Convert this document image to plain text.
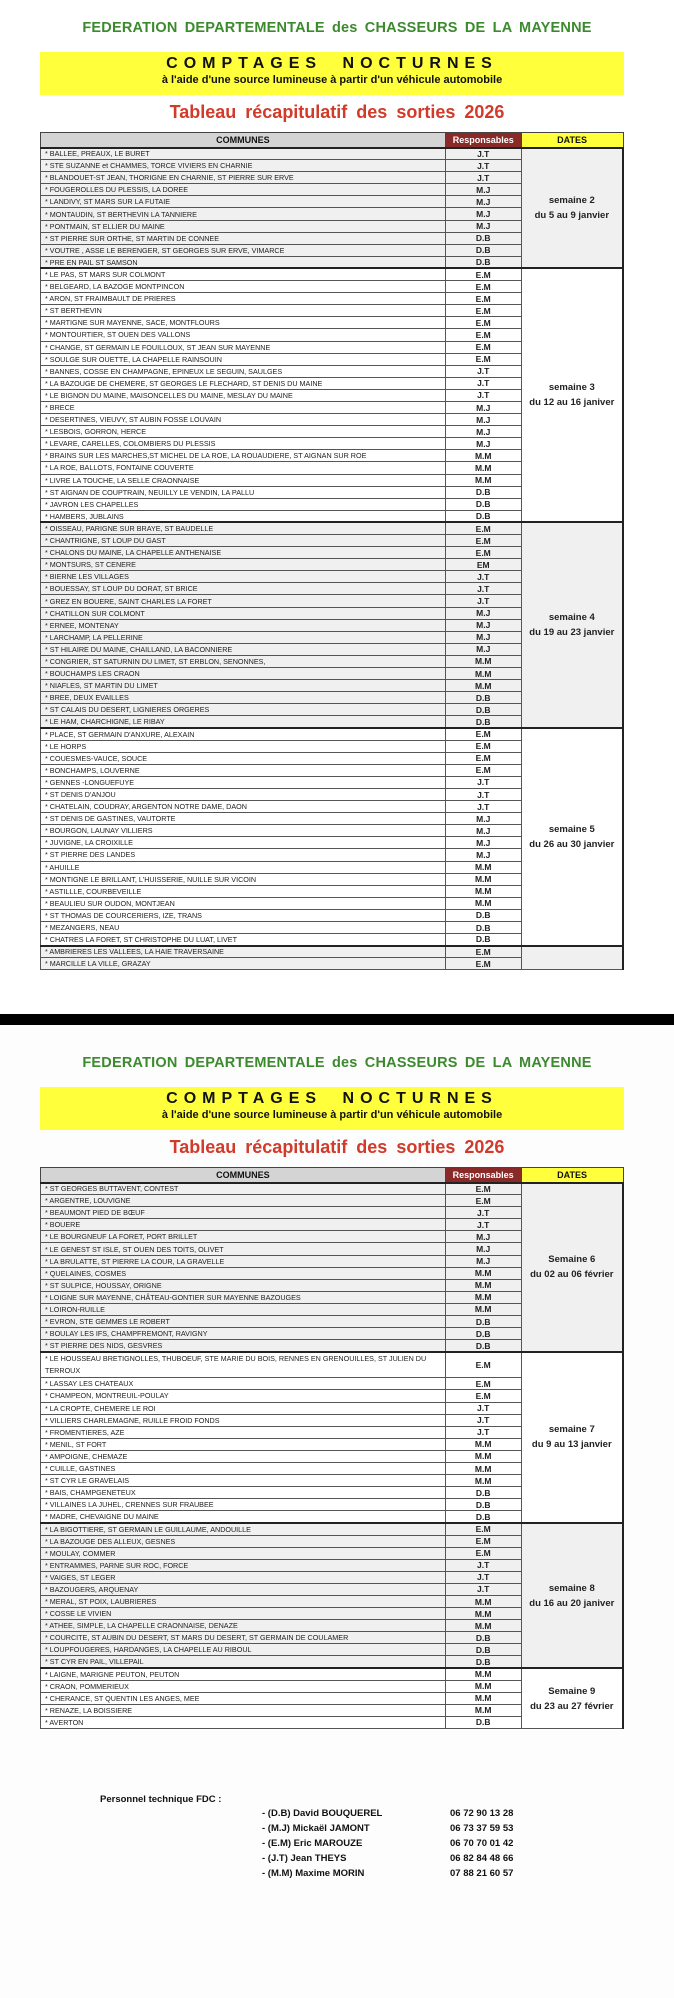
FEDERATION DEPARTEMENTALE des CHASSEURS DE LA MAYENNE
COMPTAGES NOCTURNES
à l'aide d'une source lumineuse à partir d'un véhicule automobile
Tableau récapitulatif des sorties 2026
COMMUNES	Responsables	DATES
* BALLEE, PREAUX, LE BURET	J.T	semaine 2
du 5 au 9 janvier

* STE SUZANNE et CHAMMES, TORCE VIVIERS EN CHARNIE	J.T	
* BLANDOUET-ST JEAN, THORIGNE EN CHARNIE, ST PIERRE SUR ERVE	J.T	
* FOUGEROLLES DU PLESSIS, LA DOREE	M.J	
* LANDIVY, ST MARS SUR LA FUTAIE	M.J	
* MONTAUDIN, ST BERTHEVIN LA TANNIERE	M.J	
* PONTMAIN, ST ELLIER DU MAINE	M.J	
* ST PIERRE SUR ORTHE, ST MARTIN DE CONNEE	D.B	
* VOUTRE , ASSE LE BERENGER, ST GEORGES SUR ERVE, VIMARCE	D.B	
* PRE EN PAIL ST SAMSON	D.B	
* LE PAS, ST MARS SUR COLMONT	E.M	semaine 3
du 12 au 16 janiver

* BELGEARD, LA BAZOGE MONTPINCON	E.M	
* ARON, ST FRAIMBAULT DE PRIERES	E.M	
* ST BERTHEVIN	E.M	
* MARTIGNE SUR MAYENNE, SACE, MONTFLOURS	E.M	
* MONTOURTIER, ST OUEN DES VALLONS	E.M	
* CHANGE, ST GERMAIN LE FOUILLOUX, ST JEAN SUR MAYENNE	E.M	
* SOULGE SUR OUETTE, LA CHAPELLE RAINSOUIN	E.M	
* BANNES, COSSE EN CHAMPAGNE, EPINEUX LE SEGUIN, SAULGES	J.T	
* LA BAZOUGE DE CHEMERE, ST GEORGES LE FLECHARD, ST DENIS DU MAINE	J.T	
* LE BIGNON DU MAINE, MAISONCELLES DU MAINE, MESLAY DU MAINE	J.T	
* BRECE	M.J	
* DESERTINES, VIEUVY, ST AUBIN FOSSE LOUVAIN	M.J	
* LESBOIS, GORRON, HERCE	M.J	
* LEVARE, CARELLES, COLOMBIERS DU PLESSIS	M.J	
* BRAINS SUR LES MARCHES,ST MICHEL DE LA ROE, LA ROUAUDIERE, ST AIGNAN SUR ROE	M.M	
* LA ROE, BALLOTS, FONTAINE COUVERTE	M.M	
* LIVRE LA TOUCHE, LA SELLE CRAONNAISE	M.M	
* ST AIGNAN DE COUPTRAIN, NEUILLY LE VENDIN, LA PALLU	D.B	
* JAVRON LES CHAPELLES	D.B	
* HAMBERS, JUBLAINS	D.B	
* OISSEAU, PARIGNE SUR BRAYE, ST BAUDELLE	E.M	semaine 4
du 19 au 23 janvier

* CHANTRIGNE, ST LOUP DU GAST	E.M	
* CHALONS DU MAINE, LA CHAPELLE ANTHENAISE	E.M	
* MONTSURS, ST CENERE	EM	
* BIERNE LES VILLAGES	J.T	
* BOUESSAY, ST LOUP DU DORAT, ST BRICE	J.T	
* GREZ EN BOUERE, SAINT CHARLES LA FORET	J.T	
* CHATILLON SUR COLMONT	M.J	
* ERNEE, MONTENAY	M.J	
* LARCHAMP, LA PELLERINE	M.J	
* ST HILAIRE DU MAINE, CHAILLAND, LA BACONNIERE	M.J	
* CONGRIER, ST SATURNIN DU LIMET, ST ERBLON, SENONNES,	M.M	
* BOUCHAMPS LES CRAON	M.M	
* NIAFLES, ST MARTIN DU LIMET	M.M	
* BREE, DEUX EVAILLES	D.B	
* ST CALAIS DU DESERT, LIGNIERES ORGERES	D.B	
* LE HAM, CHARCHIGNE, LE RIBAY	D.B	
* PLACE, ST GERMAIN D'ANXURE, ALEXAIN	E.M	semaine 5
du 26 au 30 janvier

* LE HORPS	E.M	
* COUESMES-VAUCE, SOUCE	E.M	
* BONCHAMPS, LOUVERNE	E.M	
* GENNES -LONGUEFUYE	J.T	
* ST DENIS D'ANJOU	J.T	
* CHATELAIN, COUDRAY, ARGENTON NOTRE DAME, DAON	J.T	
* ST DENIS DE GASTINES, VAUTORTE	M.J	
* BOURGON, LAUNAY VILLIERS	M.J	
* JUVIGNE, LA CROIXILLE	M.J	
* ST PIERRE DES LANDES	M.J	
* AHUILLE	M.M	
* MONTIGNE LE BRILLANT, L'HUISSERIE, NUILLE SUR VICOIN	M.M	
* ASTILLLE, COURBEVEILLE	M.M	
* BEAULIEU SUR OUDON, MONTJEAN	M.M	
* ST THOMAS DE COURCERIERS, IZE, TRANS	D.B	
* MEZANGERS, NEAU	D.B	
* CHATRES LA FORET, ST CHRISTOPHE DU LUAT, LIVET	D.B	
* AMBRIERES LES VALLEES, LA HAIE TRAVERSAINE	E.M	

* MARCILLE LA VILLE, GRAZAY	E.M	
FEDERATION DEPARTEMENTALE des CHASSEURS DE LA MAYENNE
COMPTAGES NOCTURNES
à l'aide d'une source lumineuse à partir d'un véhicule automobile
Tableau récapitulatif des sorties 2026
COMMUNES	Responsables	DATES
* ST GEORGES BUTTAVENT, CONTEST	E.M	Semaine 6
du 02 au 06 février

* ARGENTRE, LOUVIGNE	E.M	
* BEAUMONT PIED DE BŒUF	J.T	
* BOUERE	J.T	
* LE BOURGNEUF LA FORET, PORT BRILLET	M.J	
* LE GENEST ST ISLE, ST OUEN DES TOITS, OLIVET	M.J	
* LA BRULATTE, ST PIERRE LA COUR, LA GRAVELLE	M.J	
* QUELAINES, COSMES	M.M	
* ST SULPICE, HOUSSAY, ORIGNE	M.M	
* LOIGNE SUR MAYENNE, CHÂTEAU-GONTIER SUR MAYENNE BAZOUGES	M.M	
* LOIRON-RUILLE	M.M	
* EVRON, STE GEMMES LE ROBERT	D.B	
* BOULAY LES IFS, CHAMPFREMONT, RAVIGNY	D.B	
* ST PIERRE DES NIDS, GESVRES	D.B	
* LE HOUSSEAU BRETIGNOLLES, THUBOEUF, STE MARIE DU BOIS, RENNES EN GRENOUILLES, ST JULIEN DU TERROUX	E.M	semaine 7
du 9 au 13 janvier

* LASSAY LES CHATEAUX	E.M	
* CHAMPEON, MONTREUIL-POULAY	E.M	
* LA CROPTE, CHEMERE LE ROI	J.T	
* VILLIERS CHARLEMAGNE, RUILLE FROID FONDS	J.T	
* FROMENTIERES, AZE	J.T	
* MENIL, ST FORT	M.M	
* AMPOIGNE, CHEMAZE	M.M	
* CUILLE, GASTINES	M.M	
* ST CYR LE GRAVELAIS	M.M	
* BAIS, CHAMPGENETEUX	D.B	
* VILLAINES LA JUHEL, CRENNES SUR FRAUBEE	D.B	
* MADRE, CHEVAIGNE DU MAINE	D.B	
* LA BIGOTTIERE, ST GERMAIN LE GUILLAUME, ANDOUILLE	E.M	semaine 8
du 16 au 20 janiver

* LA BAZOUGE DES ALLEUX, GESNES	E.M	
* MOULAY, COMMER	E.M	
* ENTRAMMES, PARNE SUR ROC, FORCE	J.T	
* VAIGES, ST LEGER	J.T	
* BAZOUGERS, ARQUENAY	J.T	
* MERAL, ST POIX, LAUBRIERES	M.M	
* COSSE LE VIVIEN	M.M	
* ATHEE, SIMPLE, LA CHAPELLE CRAONNAISE, DENAZE	M.M	
* COURCITE, ST AUBIN DU DESERT, ST MARS DU DESERT, ST GERMAIN DE COULAMER	D.B	
* LOUPFOUGERES, HARDANGES, LA CHAPELLE AU RIBOUL	D.B	
* ST CYR EN PAIL, VILLEPAIL	D.B	
* LAIGNE, MARIGNE PEUTON, PEUTON	M.M	Semaine 9
du 23 au 27 février

* CRAON, POMMERIEUX	M.M	
* CHERANCE, ST QUENTIN LES ANGES, MEE	M.M	
* RENAZE, LA BOISSIERE	M.M	
* AVERTON	D.B	
Personnel technique FDC :
- (D.B) David BOUQUEREL	06 72 90 13 28
- (M.J) Mickaël JAMONT	06 73 37 59 53
- (E.M) Eric MAROUZE	06 70 70 01 42
- (J.T) Jean THEYS	06 82 84 48 66
- (M.M) Maxime MORIN	07 88 21 60 57
